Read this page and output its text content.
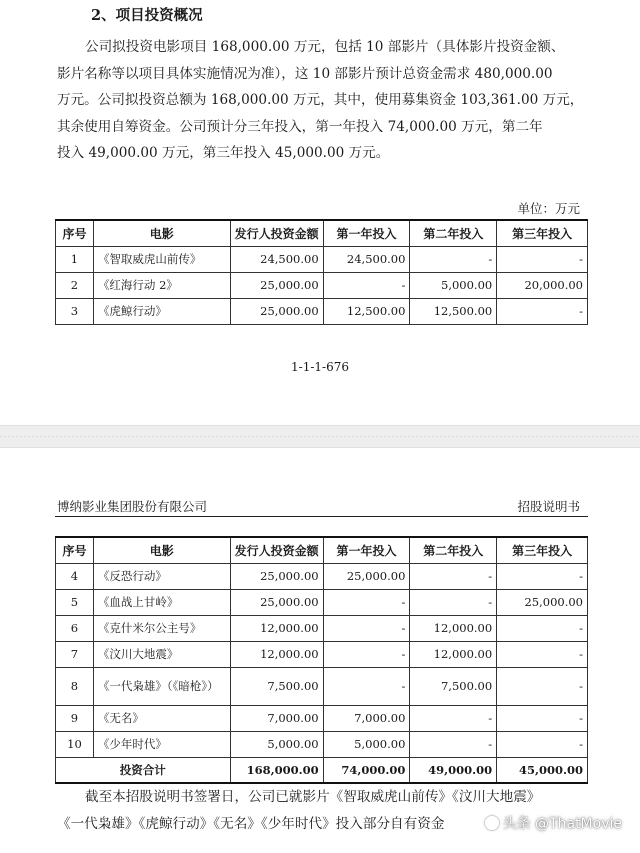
2、项目投资概况
公司拟投资电影项目 168,000.00 万元，包括 10 部影片（具体影片投资金额、
影片名称等以项目具体实施情况为准），这 10 部影片预计总资金需求 480,000.00
万元。公司拟投资总额为 168,000.00 万元，其中，使用募集资金 103,361.00 万元，
其余使用自筹资金。公司预计分三年投入，第一年投入 74,000.00 万元，第二年
投入 49,000.00 万元，第三年投入 45,000.00 万元。
单位：万元
序号	电影	发行人投资金额	第一年投入	第二年投入	第三年投入
1	《智取威虎山前传》	24,500.00	24,500.00	-	-
2	《红海行动 2》	25,000.00	-	5,000.00	20,000.00
3	《虎鲸行动》	25,000.00	12,500.00	12,500.00	-
1-1-1-676
博纳影业集团股份有限公司	招股说明书
序号	电影	发行人投资金额	第一年投入	第二年投入	第三年投入
4	《反恐行动》	25,000.00	25,000.00	-	-
5	《血战上甘岭》	25,000.00	-	-	25,000.00
6	《克什米尔公主号》	12,000.00	-	12,000.00	-
7	《汶川大地震》	12,000.00	-	12,000.00	-
8	《一代枭雄》（《暗枪》）	7,500.00	-	7,500.00	-
9	《无名》	7,000.00	7,000.00	-	-
10	《少年时代》	5,000.00	5,000.00	-	-
投资合计		168,000.00	74,000.00	49,000.00	45,000.00
截至本招股说明书签署日，公司已就影片《智取威虎山前传》《汶川大地震》
《一代枭雄》《虎鲸行动》《无名》《少年时代》投入部分自有资金	头条 @ThatMovie
